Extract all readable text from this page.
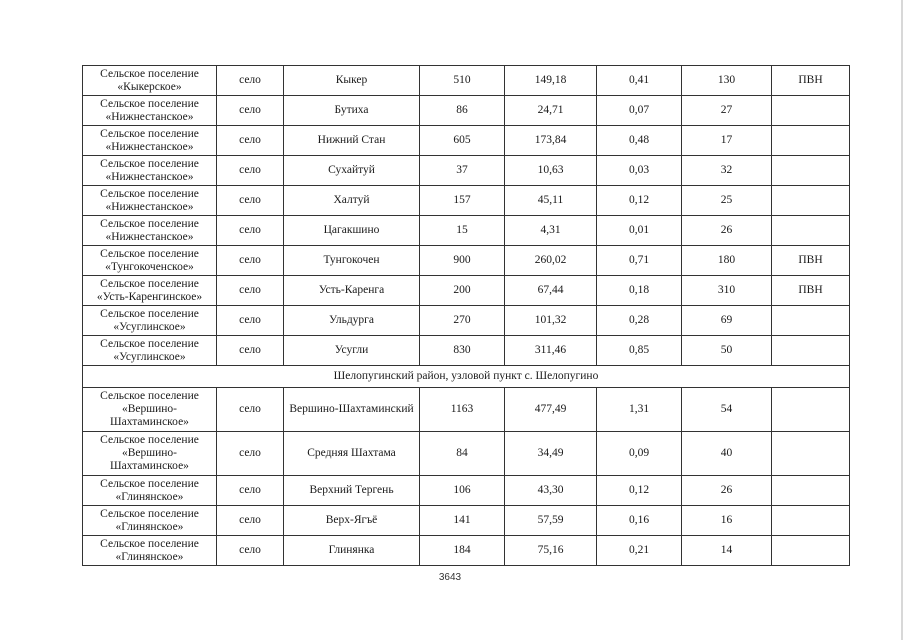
Сельское поселение «Кыкерское»	село	Кыкер	510	149,18	0,41	130	ПВН
Сельское поселение «Нижнестанское»	село	Бутиха	86	24,71	0,07	27	
Сельское поселение «Нижнестанское»	село	Нижний Стан	605	173,84	0,48	17	
Сельское поселение «Нижнестанское»	село	Сухайтуй	37	10,63	0,03	32	
Сельское поселение «Нижнестанское»	село	Халтуй	157	45,11	0,12	25	
Сельское поселение «Нижнестанское»	село	Цагакшино	15	4,31	0,01	26	
Сельское поселение «Тунгокоченское»	село	Тунгокочен	900	260,02	0,71	180	ПВН
Сельское поселение «Усть-Каренгинское»	село	Усть-Каренга	200	67,44	0,18	310	ПВН
Сельское поселение «Усуглинское»	село	Ульдурга	270	101,32	0,28	69	
Сельское поселение «Усуглинское»	село	Усугли	830	311,46	0,85	50	
Шелопугинский район, узловой пункт с. Шелопугино							
Сельское поселение «Вершино-Шахтаминское»	село	Вершино-Шахтаминский	1163	477,49	1,31	54	
Сельское поселение «Вершино-Шахтаминское»	село	Средняя Шахтама	84	34,49	0,09	40	
Сельское поселение «Глинянское»	село	Верхний Тергень	106	43,30	0,12	26	
Сельское поселение «Глинянское»	село	Верх-Ягъё	141	57,59	0,16	16	
Сельское поселение «Глинянское»	село	Глинянка	184	75,16	0,21	14	
3643
